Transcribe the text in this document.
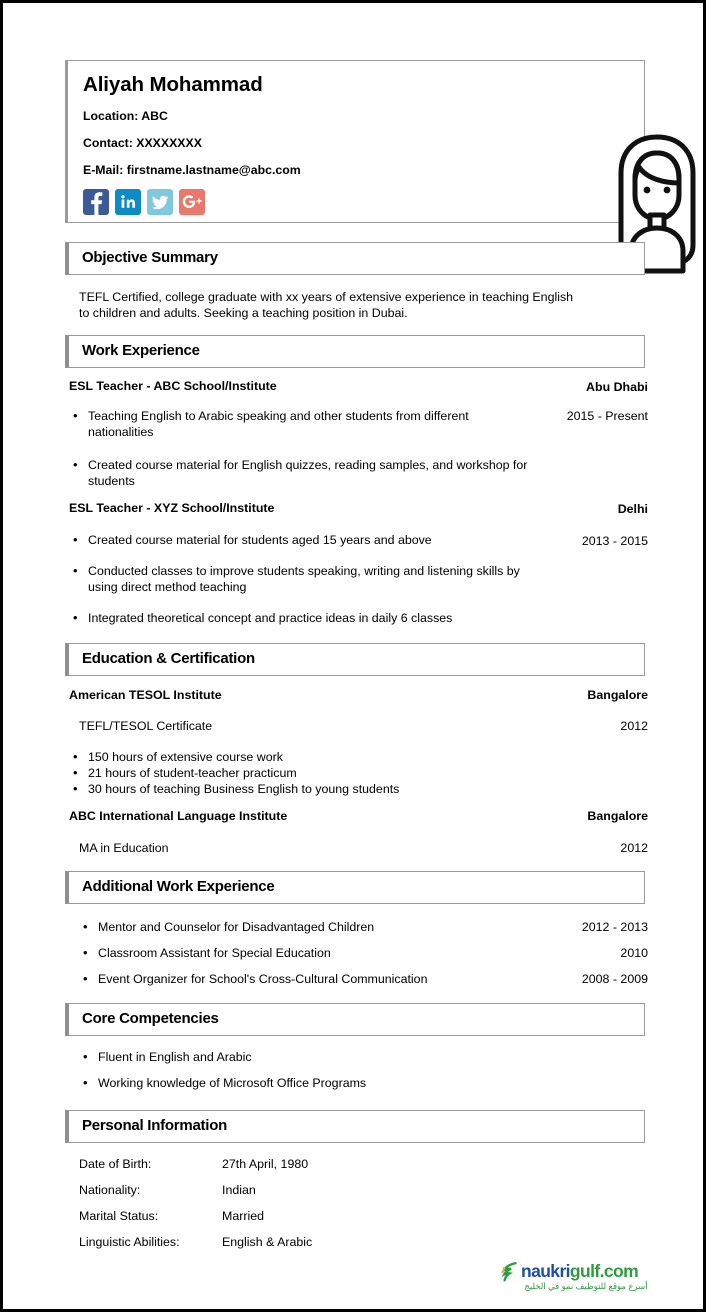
Aliyah Mohammad
Location: ABC
Contact: XXXXXXXX
E-Mail: firstname.lastname@abc.com
Objective Summary
TEFL Certified, college graduate with xx years of extensive experience in teaching English
to children and adults. Seeking a teaching position in Dubai.
Work Experience
ESL Teacher - ABC School/Institute	Abu Dhabi
2015 - Present
• Teaching English to Arabic speaking and other students from different nationalities
• Created course material for English quizzes, reading samples, and workshop for students
ESL Teacher - XYZ School/Institute	Delhi
2013 - 2015
• Created course material for students aged 15 years and above
• Conducted classes to improve students speaking, writing and listening skills by using direct method teaching
• Integrated theoretical concept and practice ideas in daily 6 classes
Education & Certification
American TESOL Institute	Bangalore
TEFL/TESOL Certificate	2012
• 150 hours of extensive course work
• 21 hours of student-teacher practicum
• 30 hours of teaching Business English to young students
ABC International Language Institute	Bangalore
MA in Education	2012
Additional Work Experience
• Mentor and Counselor for Disadvantaged Children	2012 - 2013
• Classroom Assistant for Special Education	2010
• Event Organizer for School's Cross-Cultural Communication	2008 - 2009
Core Competencies
• Fluent in English and Arabic
• Working knowledge of Microsoft Office Programs
Personal Information
Date of Birth:	27th April, 1980
Nationality:	Indian
Marital Status:	Married
Linguistic Abilities:	English & Arabic
naukrigulf.com
أسرع موقع للتوظيف نمو في الخليج
